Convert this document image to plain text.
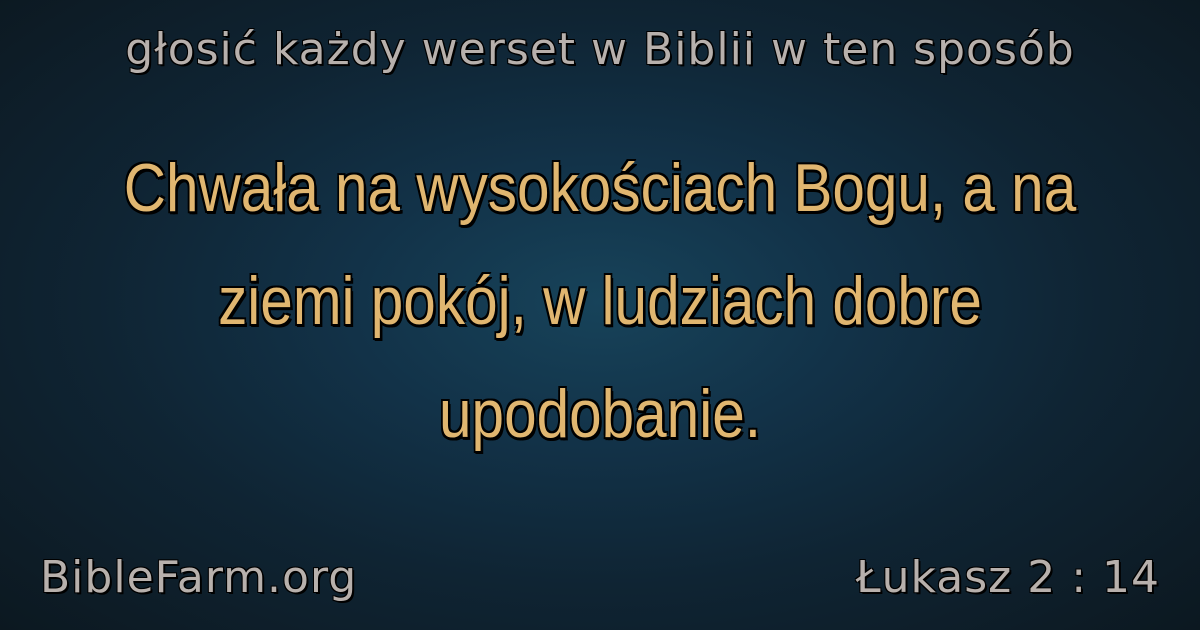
głosić każdy werset w Biblii w ten sposób
Chwała na wysokościach Bogu, a na ziemi pokój, w ludziach dobre upodobanie.
BibleFarm.org	Łukasz 2 : 14
